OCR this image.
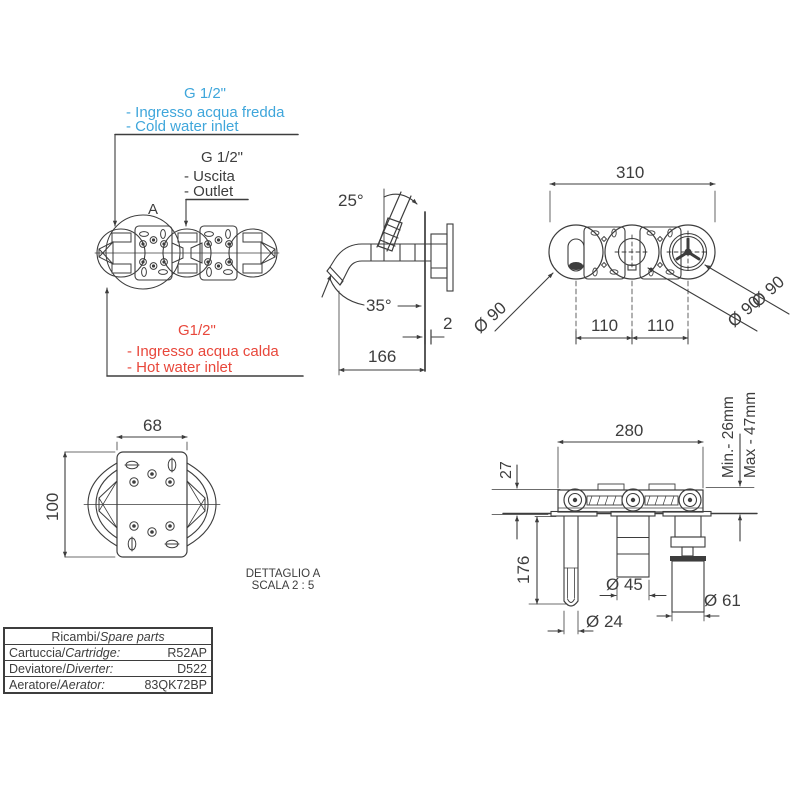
G 1/2"
- Ingresso acqua fredda
- Cold water inlet
G 1/2"
- Uscita
- Outlet
G1/2"
- Ingresso acqua calda
- Hot water inlet
A	25°
35°
2
166
310
110 110
Ø 90	Ø 90
Ø 90
68
100
DETTAGLIO A
SCALA 2 : 5
280
27
176
Ø 45
Ø 24
Ø 61
Min.- 26mm Max - 47mm
Ricambi/Spare parts
Cartuccia/Cartridge:	R52AP
Deviatore/Diverter:	D522
Aeratore/Aerator:	83QK72BP
